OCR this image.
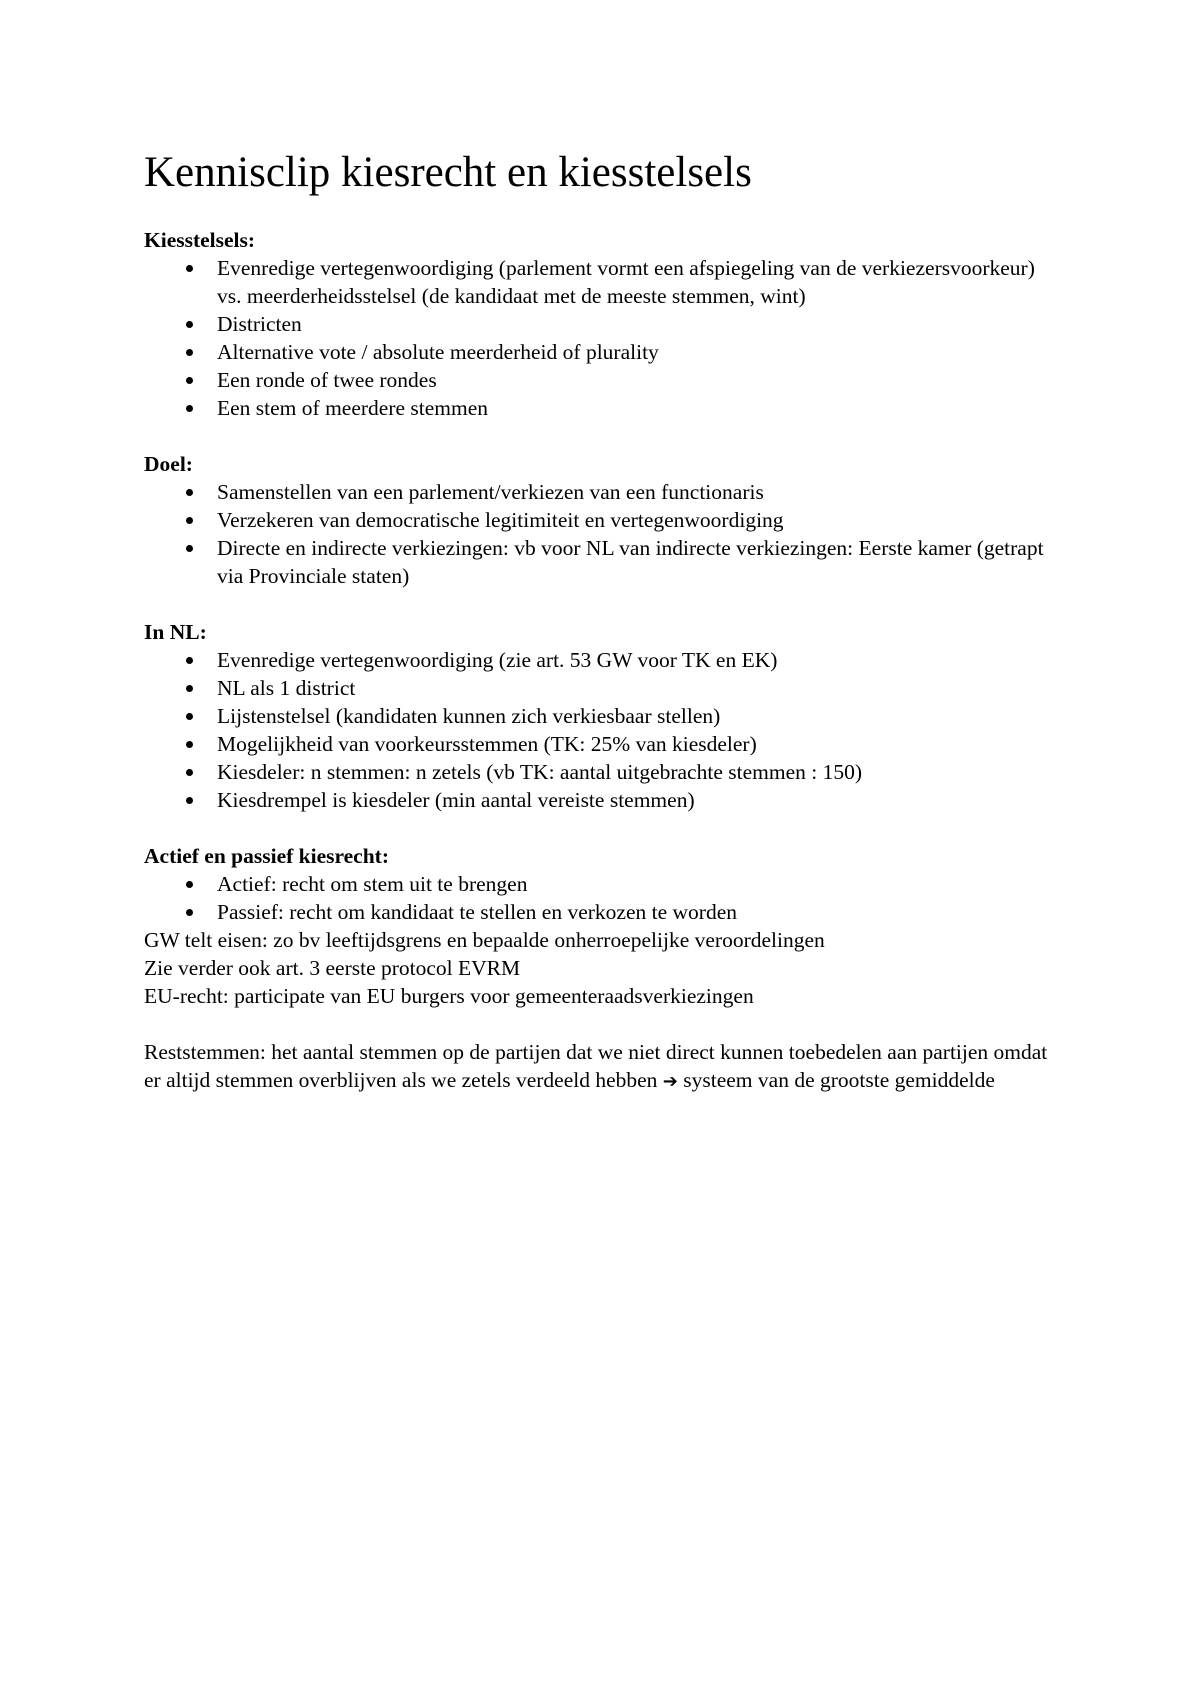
Kennisclip kiesrecht en kiesstelsels

Kiesstelsels:

Evenredige vertegenwoordiging (parlement vormt een afspiegeling van de verkiezersvoorkeur) vs. meerderheidsstelsel (de kandidaat met de meeste stemmen, wint)
Districten
Alternative vote / absolute meerderheid of plurality
Een ronde of twee rondes
Een stem of meerdere stemmen

Doel:

Samenstellen van een parlement/verkiezen van een functionaris
Verzekeren van democratische legitimiteit en vertegenwoordiging
Directe en indirecte verkiezingen: vb voor NL van indirecte verkiezingen: Eerste kamer (getrapt via Provinciale staten)

In NL:

Evenredige vertegenwoordiging (zie art. 53 GW voor TK en EK)
NL als 1 district
Lijstenstelsel (kandidaten kunnen zich verkiesbaar stellen)
Mogelijkheid van voorkeursstemmen (TK: 25% van kiesdeler)
Kiesdeler: n stemmen: n zetels (vb TK: aantal uitgebrachte stemmen : 150)
Kiesdrempel is kiesdeler (min aantal vereiste stemmen)

Actief en passief kiesrecht:

Actief: recht om stem uit te brengen
Passief: recht om kandidaat te stellen en verkozen te worden

GW telt eisen: zo bv leeftijdsgrens en bepaalde onherroepelijke veroordelingen

Zie verder ook art. 3 eerste protocol EVRM

EU-recht: participate van EU burgers voor gemeenteraadsverkiezingen

Reststemmen: het aantal stemmen op de partijen dat we niet direct kunnen toebedelen aan partijen omdat er altijd stemmen overblijven als we zetels verdeeld hebben ➔ systeem van de grootste gemiddelde
